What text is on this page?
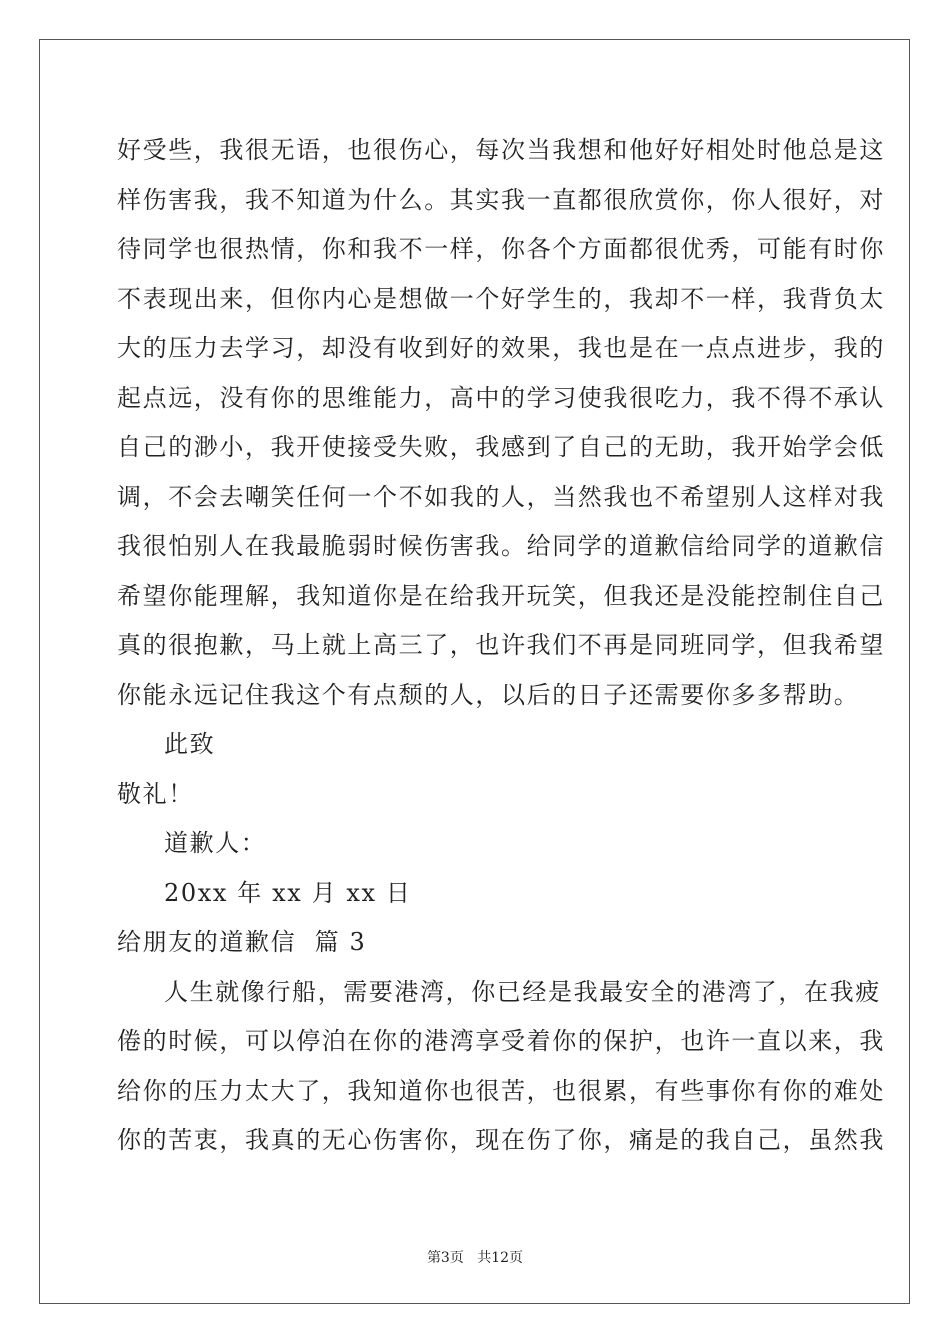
好受些，我很无语，也很伤心，每次当我想和他好好相处时他总是这
样伤害我，我不知道为什么。其实我一直都很欣赏你，你人很好，对
待同学也很热情，你和我不一样，你各个方面都很优秀，可能有时你
不表现出来，但你内心是想做一个好学生的，我却不一样，我背负太
大的压力去学习，却没有收到好的效果，我也是在一点点进步，我的
起点远，没有你的思维能力，高中的学习使我很吃力，我不得不承认
自己的渺小，我开使接受失败，我感到了自己的无助，我开始学会低
调，不会去嘲笑任何一个不如我的人，当然我也不希望别人这样对我
我很怕别人在我最脆弱时候伤害我。给同学的道歉信给同学的道歉信
希望你能理解，我知道你是在给我开玩笑，但我还是没能控制住自己
真的很抱歉，马上就上高三了，也许我们不再是同班同学，但我希望
你能永远记住我这个有点颓的人，以后的日子还需要你多多帮助。
此致
敬礼！
道歉人：
20xx 年 xx 月 xx 日
给朋友的道歉信  篇 3
人生就像行船，需要港湾，你已经是我最安全的港湾了，在我疲
倦的时候，可以停泊在你的港湾享受着你的保护，也许一直以来，我
给你的压力太大了，我知道你也很苦，也很累，有些事你有你的难处
你的苦衷，我真的无心伤害你，现在伤了你，痛是的我自己，虽然我
第3页 共12页
